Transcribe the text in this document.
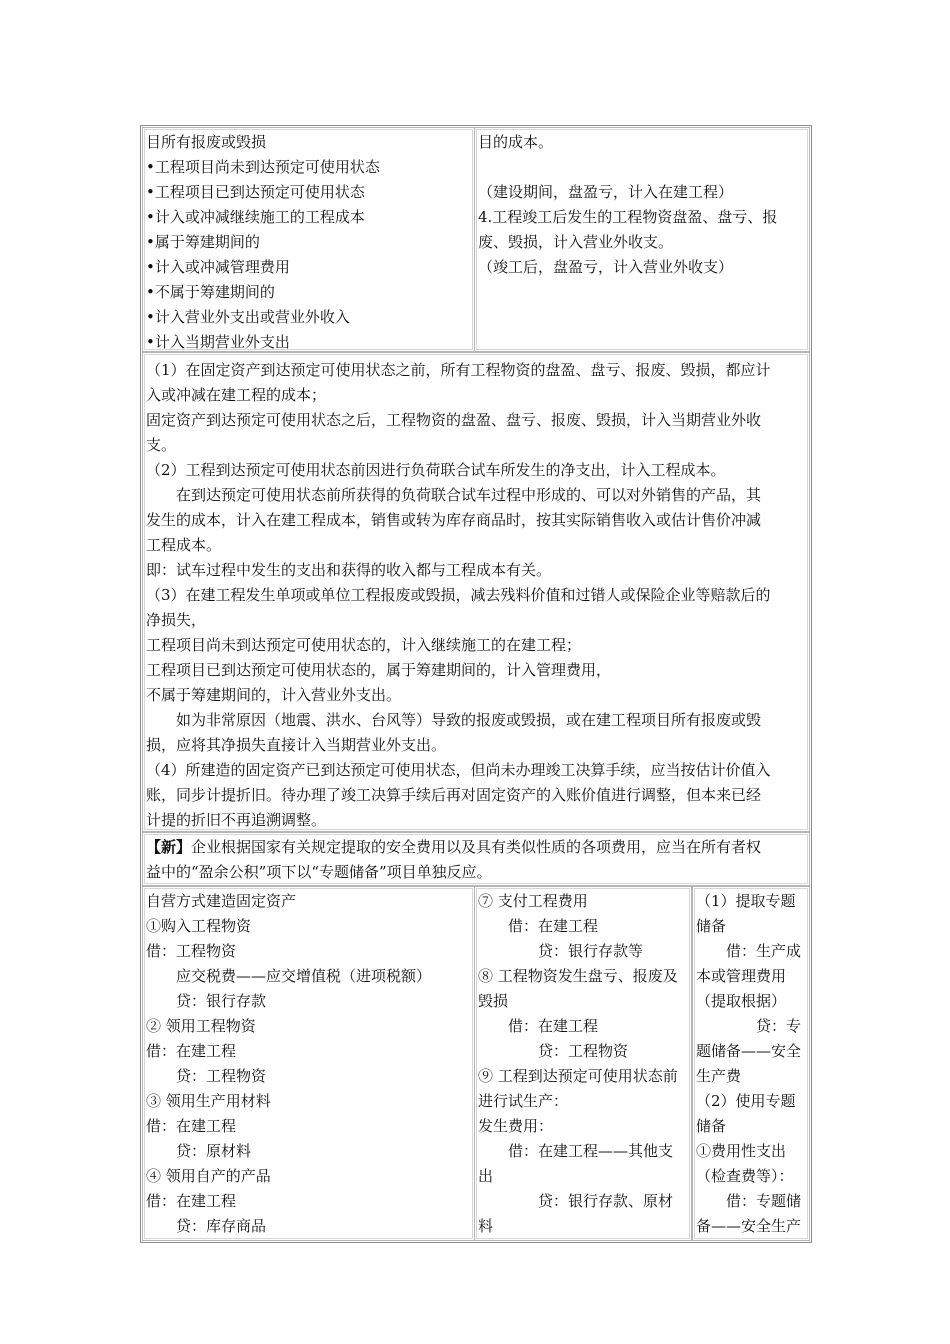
目所有报废或毁损
•工程项目尚未到达预定可使用状态
•工程项目已到达预定可使用状态
•计入或冲减继续施工的工程成本
•属于筹建期间的
•计入或冲减管理费用
•不属于筹建期间的
•计入营业外支出或营业外收入
•计入当期营业外支出
目的成本。
（建设期间，盘盈亏，计入在建工程）
4.工程竣工后发生的工程物资盘盈、盘亏、报
废、毁损，计入营业外收支。
（竣工后，盘盈亏，计入营业外收支）
（1）在固定资产到达预定可使用状态之前，所有工程物资的盘盈、盘亏、报废、毁损，都应计
入或冲减在建工程的成本；
固定资产到达预定可使用状态之后，工程物资的盘盈、盘亏、报废、毁损，计入当期营业外收
支。
（2）工程到达预定可使用状态前因进行负荷联合试车所发生的净支出，计入工程成本。
　　在到达预定可使用状态前所获得的负荷联合试车过程中形成的、可以对外销售的产品，其
发生的成本，计入在建工程成本，销售或转为库存商品时，按其实际销售收入或估计售价冲减
工程成本。
即：试车过程中发生的支出和获得的收入都与工程成本有关。
（3）在建工程发生单项或单位工程报废或毁损，减去残料价值和过错人或保险企业等赔款后的
净损失，
工程项目尚未到达预定可使用状态的，计入继续施工的在建工程；
工程项目已到达预定可使用状态的，属于筹建期间的，计入管理费用，
不属于筹建期间的，计入营业外支出。
　　如为非常原因（地震、洪水、台风等）导致的报废或毁损，或在建工程项目所有报废或毁
损，应将其净损失直接计入当期营业外支出。
（4）所建造的固定资产已到达预定可使用状态，但尚未办理竣工决算手续，应当按估计价值入
账，同步计提折旧。待办理了竣工决算手续后再对固定资产的入账价值进行调整，但本来已经
计提的折旧不再追溯调整。
【新】企业根据国家有关规定提取的安全费用以及具有类似性质的各项费用，应当在所有者权
益中的“盈余公积”项下以“专题储备”项目单独反应。
自营方式建造固定资产
①购入工程物资
借：工程物资
　　应交税费——应交增值税（进项税额）
　　贷：银行存款
② 领用工程物资
借：在建工程
　　贷：工程物资
③ 领用生产用材料
借：在建工程
　　贷：原材料
④ 领用自产的产品
借：在建工程
　　贷：库存商品
⑦ 支付工程费用
　　借：在建工程
　　　　贷：银行存款等
⑧ 工程物资发生盘亏、报废及
毁损
　　借：在建工程
　　　　贷：工程物资
⑨ 工程到达预定可使用状态前
进行试生产：
发生费用：
　　借：在建工程——其他支
出
　　　　贷：银行存款、原材
料
（1）提取专题
储备
　　借：生产成
本或管理费用
（提取根据）
　　　　贷：专
题储备——安全
生产费
（2）使用专题
储备
①费用性支出
（检查费等）：
　　借：专题储
备——安全生产
